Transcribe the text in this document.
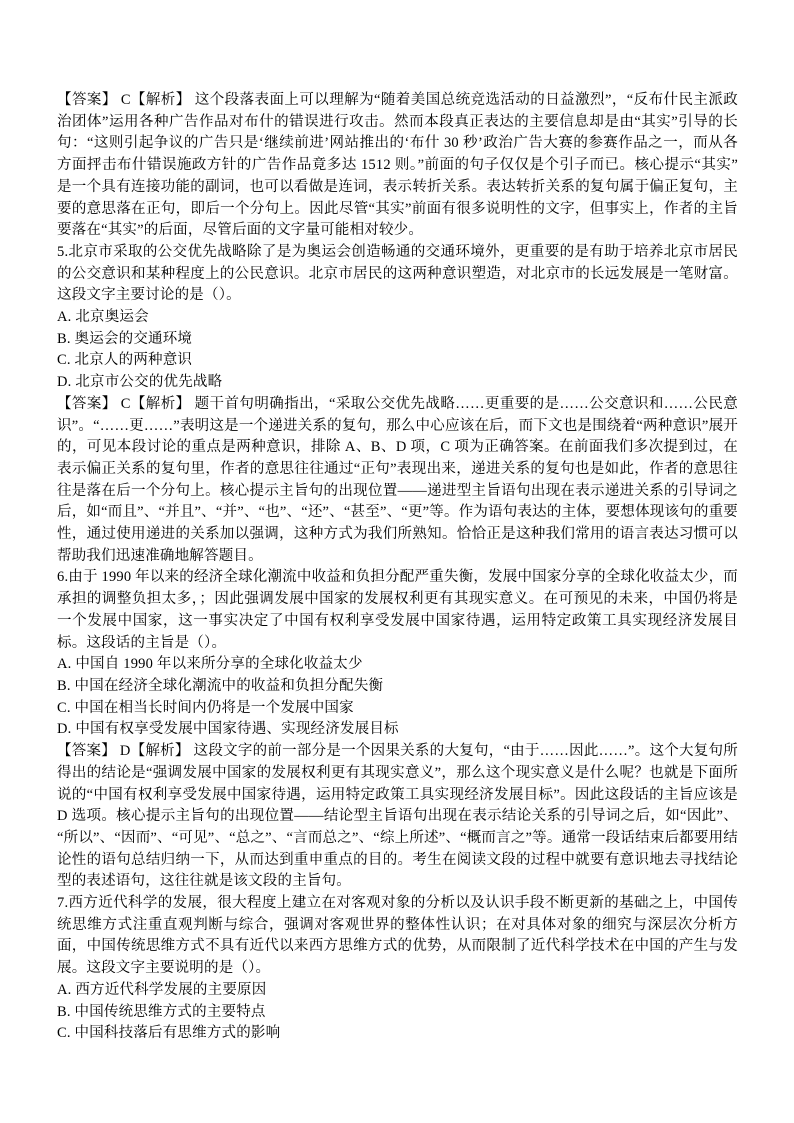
【答案】 C【解析】 这个段落表面上可以理解为“随着美国总统竞选活动的日益激烈”，“反布什民主派政治团体”运用各种广告作品对布什的错误进行攻击。然而本段真正表达的主要信息却是由“其实”引导的长句：“这则引起争议的广告只是‘继续前进’网站推出的‘布什 30 秒’政治广告大赛的参赛作品之一，而从各方面抨击布什错误施政方针的广告作品竟多达 1512 则。”前面的句子仅仅是个引子而已。核心提示“其实”是一个具有连接功能的副词，也可以看做是连词，表示转折关系。表达转折关系的复句属于偏正复句，主要的意思落在正句，即后一个分句上。因此尽管“其实”前面有很多说明性的文字，但事实上，作者的主旨要落在“其实”的后面，尽管后面的文字量可能相对较少。

5.北京市采取的公交优先战略除了是为奥运会创造畅通的交通环境外，更重要的是有助于培养北京市居民的公交意识和某种程度上的公民意识。北京市居民的这两种意识塑造，对北京市的长远发展是一笔财富。这段文字主要讨论的是（）。

A. 北京奥运会

B. 奥运会的交通环境

C. 北京人的两种意识

D. 北京市公交的优先战略

【答案】 C【解析】 题干首句明确指出，“采取公交优先战略……更重要的是……公交意识和……公民意识”。“……更……”表明这是一个递进关系的复句，那么中心应该在后，而下文也是围绕着“两种意识”展开的，可见本段讨论的重点是两种意识，排除 A、B、D 项，C 项为正确答案。在前面我们多次提到过，在表示偏正关系的复句里，作者的意思往往通过“正句”表现出来，递进关系的复句也是如此，作者的意思往往是落在后一个分句上。核心提示主旨句的出现位置——递进型主旨语句出现在表示递进关系的引导词之后，如“而且”、“并且”、“并”、“也”、“还”、“甚至”、“更”等。作为语句表达的主体，要想体现该句的重要性，通过使用递进的关系加以强调，这种方式为我们所熟知。恰恰正是这种我们常用的语言表达习惯可以帮助我们迅速准确地解答题目。

6.由于 1990 年以来的经济全球化潮流中收益和负担分配严重失衡，发展中国家分享的全球化收益太少，而承担的调整负担太多，；因此强调发展中国家的发展权利更有其现实意义。在可预见的未来，中国仍将是一个发展中国家，这一事实决定了中国有权利享受发展中国家待遇，运用特定政策工具实现经济发展目标。这段话的主旨是（）。

A. 中国自 1990 年以来所分享的全球化收益太少

B. 中国在经济全球化潮流中的收益和负担分配失衡

C. 中国在相当长时间内仍将是一个发展中国家

D. 中国有权享受发展中国家待遇、实现经济发展目标

【答案】 D【解析】 这段文字的前一部分是一个因果关系的大复句，“由于……因此……”。这个大复句所得出的结论是“强调发展中国家的发展权利更有其现实意义”，那么这个现实意义是什么呢？也就是下面所说的“中国有权利享受发展中国家待遇，运用特定政策工具实现经济发展目标”。因此这段话的主旨应该是D 选项。核心提示主旨句的出现位置——结论型主旨语句出现在表示结论关系的引导词之后，如“因此”、“所以”、“因而”、“可见”、“总之”、“言而总之”、“综上所述”、“概而言之”等。通常一段话结束后都要用结论性的语句总结归纳一下，从而达到重申重点的目的。考生在阅读文段的过程中就要有意识地去寻找结论型的表述语句，这往往就是该文段的主旨句。

7.西方近代科学的发展，很大程度上建立在对客观对象的分析以及认识手段不断更新的基础之上，中国传统思维方式注重直观判断与综合，强调对客观世界的整体性认识；在对具体对象的细究与深层次分析方面，中国传统思维方式不具有近代以来西方思维方式的优势，从而限制了近代科学技术在中国的产生与发展。这段文字主要说明的是（）。

A. 西方近代科学发展的主要原因

B. 中国传统思维方式的主要特点

C. 中国科技落后有思维方式的影响
